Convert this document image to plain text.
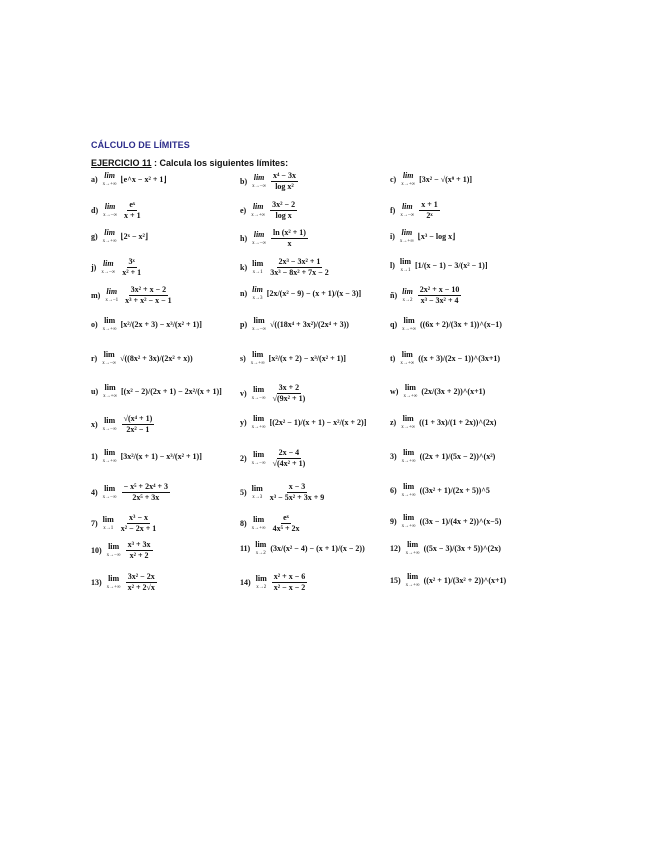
CÁLCULO DE LÍMITES
EJERCICIO 11 : Calcula los siguientes límites:
a) lim
x→+∞
⌊e^x − x² + 1⌋	b) lim
$x\to-\infty \frac{\text{x⁴ − 3x}}{\text{log x²}}$	c) lim
x→+∞
[3x² − √(x⁹ + 1)]
d) lim
$x\to-\infty \frac{\text{eˣ}}{x + 1}$	e) lim
$x\to+\infty \frac{\text{3x² − 2}}{\text{log x}}$	f) lim
$x\to-\infty \frac{x + 1}{\text{2ˣ}}$
g) lim
x→+∞
⌊2ˣ − x²⌋	h) lim
$x\to-\infty \frac{\text{ln (x² + 1)}}{x}$	i) lim
x→+∞
⌊x³ − log x⌋
j) lim
$x\to-\infty \frac{\text{3ˣ}}{\text{x² + 1}}$	k) lim
$x\to 1 \frac{\text{2x³ − 3x² + 1}}{\text{3x³ − 8x² + 7x − 2}}$	l) lim
x→1
[1/(x − 1) − 3/(x² − 1)]
m) lim
$x\to-1 \frac{\text{3x² + x − 2}}{\text{x³ + x² − x − 1}}$	n) lim
x→3
[2x/(x² − 9) − (x + 1)/(x − 3)]	ñ) lim
$x\to 2 \frac{\text{2x² + x − 10}}{\text{x³ − 3x² + 4}}$
o) lim
x→+∞
[x²/(2x + 3) − x³/(x² + 1)]	p) lim
x→−∞
√((18x⁴ + 3x²)/(2x⁴ + 3))	q) lim
x→+∞
((6x + 2)/(3x + 1))^(x−1)
r) lim
x→−∞
√((8x² + 3x)/(2x² + x))	s) lim
x→+∞
[x²/(x + 2) − x³/(x² + 1)]	t) lim
x→+∞
((x + 3)/(2x − 1))^(3x+1)
u) lim
x→+∞
[(x² − 2)/(2x + 1) − 2x²/(x + 1)] v) lim
$x\to-\infty \frac{3x + 2}{\text{√(9x² + 1)}}$	w) lim
x→+∞
(2x/(3x + 2))^(x+1)
x) lim
$x\to-\infty \frac{\text{√(x⁴ + 1)}}{\text{2x² − 1}}$	y) lim
x→+∞
[(2x² − 1)/(x + 1) − x²/(x + 2)]	z) lim
x→+∞
((1 + 3x)/(1 + 2x))^(2x)
1) lim
x→+∞
[3x²/(x + 1) − x³/(x² + 1)]	2) lim
$x\to-\infty \frac{2x - 4}{\text{√(4x² + 1)}}$	3) lim
x→+∞
((2x + 1)/(5x − 2))^(x²)
4) lim
$x\to-\infty \frac{\text{− x⁵ + 2x⁴ + 3}}{\text{2x⁵ + 3x}}$	5) lim
$x\to 3 \frac{x - 3}{\text{x³ − 5x² + 3x + 9}}$	6) lim
x→+∞
((3x² + 1)/(2x + 5))^5
7) lim
$x\to 1 \frac{\text{x³ − x}}{\text{x² − 2x + 1}}$	8) lim
$x\to+\infty \frac{\text{eˣ}}{\text{4x⁵ + 2x}}$	9) lim
x→+∞
((3x − 1)/(4x + 2))^(x−5)
10) lim
$x\to-\infty \frac{\text{x³ + 3x}}{\text{x² + 2}}$	11) lim
x→2
(3x/(x² − 4) − (x + 1)/(x − 2))	12) lim
x→+∞
((5x − 3)/(3x + 5))^(2x)
13) lim
$x\to+\infty \frac{\text{3x² − 2x}}{\text{x² + 2√x}}$	14) lim
$x\to 2 \frac{\text{x² + x − 6}}{\text{x² − x − 2}}$	15) lim
x→+∞
((x² + 1)/(3x² + 2))^(x+1)
